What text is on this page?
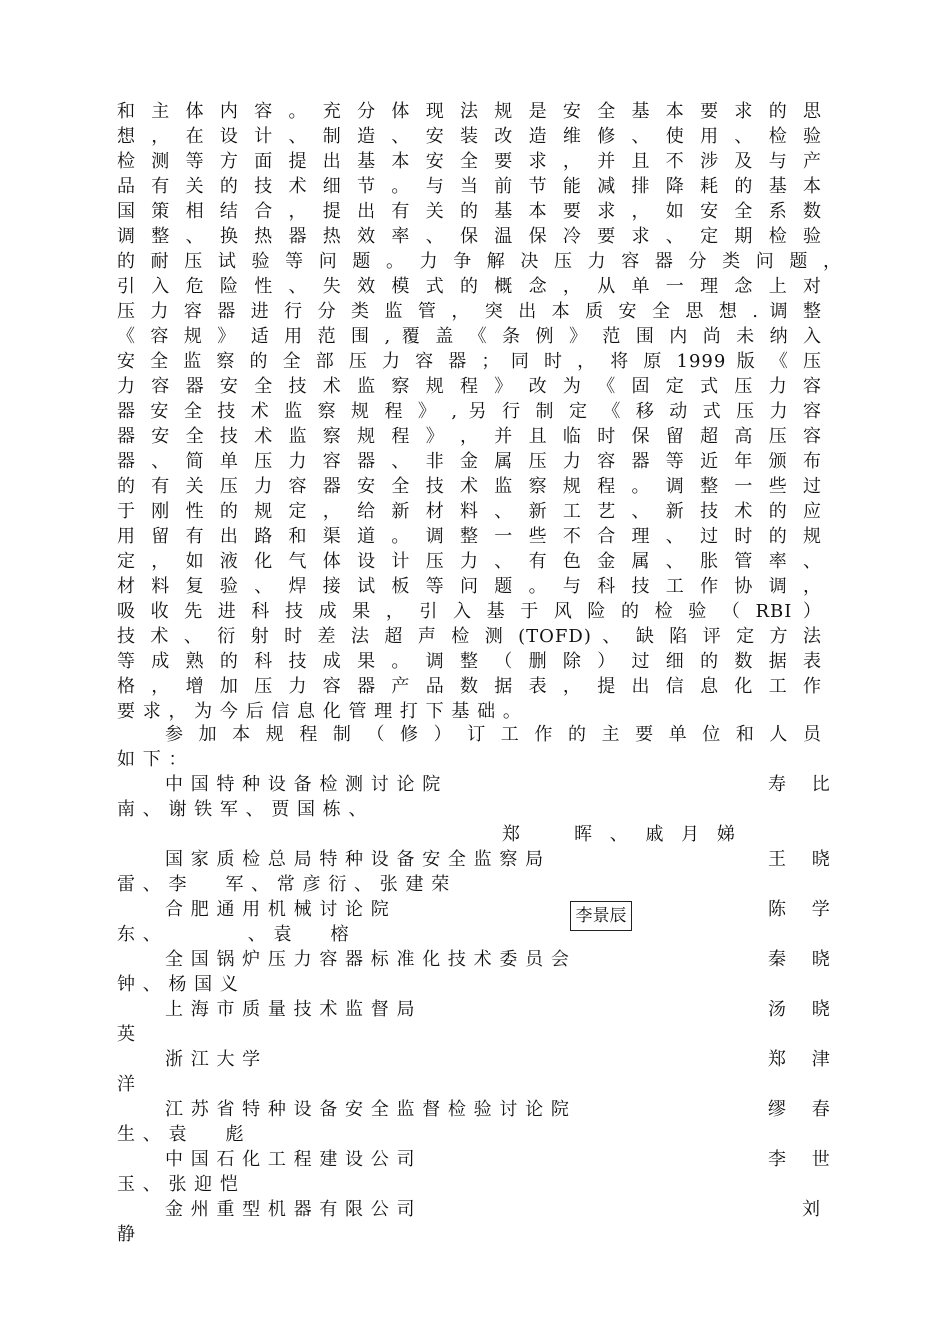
和 主 体 内 容 。 充 分 体 现 法 规 是 安 全 基 本 要 求 的 思
想 ， 在 设 计 、 制 造 、 安 装 改 造 维 修 、 使 用 、 检 验
检 测 等 方 面 提 出 基 本 安 全 要 求 ， 并 且 不 涉 及 与 产
品 有 关 的 技 术 细 节 。 与 当 前 节 能 减 排 降 耗 的 基 本
国 策 相 结 合 ， 提 出 有 关 的 基 本 要 求 ， 如 安 全 系 数
调 整 、 换 热 器 热 效 率 、 保 温 保 冷 要 求 、 定 期 检 验
的 耐 压 试 验 等 问 题 。 力 争 解 决 压 力 容 器 分 类 问 题 ，
引 入 危 险 性 、 失 效 模 式 的 概 念 ， 从 单 一 理 念 上 对
压 力 容 器 进 行 分 类 监 管 ， 突 出 本 质 安 全 思 想 . 调 整
《 容 规 》 适 用 范 围 , 覆 盖 《 条 例 》 范 围 内 尚 未 纳 入
安 全 监 察 的 全 部 压 力 容 器 ； 同 时 ， 将 原 1999 版 《 压
力 容 器 安 全 技 术 监 察 规 程 》 改 为 《 固 定 式 压 力 容
器 安 全 技 术 监 察 规 程 》 , 另 行 制 定 《 移 动 式 压 力 容
器 安 全 技 术 监 察 规 程 》 ， 并 且 临 时 保 留 超 高 压 容
器 、 简 单 压 力 容 器 、 非 金 属 压 力 容 器 等 近 年 颁 布
的 有 关 压 力 容 器 安 全 技 术 监 察 规 程 。 调 整 一 些 过
于 刚 性 的 规 定 ， 给 新 材 料 、 新 工 艺 、 新 技 术 的 应
用 留 有 出 路 和 渠 道 。 调 整 一 些 不 合 理 、 过 时 的 规
定 ， 如 液 化 气 体 设 计 压 力 、 有 色 金 属 、 胀 管 率 、
材 料 复 验 、 焊 接 试 板 等 问 题 。 与 科 技 工 作 协 调 ，
吸 收 先 进 科 技 成 果 ， 引 入 基 于 风 险 的 检 验 （ RBI ）
技 术 、 衍 射 时 差 法 超 声 检 测 (TOFD) 、 缺 陷 评 定 方 法
等 成 熟 的 科 技 成 果 。 调 整 （ 删 除 ） 过 细 的 数 据 表
格 ， 增 加 压 力 容 器 产 品 数 据 表 ， 提 出 信 息 化 工 作
要 求 ， 为 今 后 信 息 化 管 理 打 下 基 础 。
参 加 本 规 程 制 （ 修 ） 订 工 作 的 主 要 单 位 和 人 员
如 下 ：
中 国 特 种 设 备 检 测 讨 论 院	寿 比
南 、 谢 铁 军 、 贾 国 栋 、
郑　　晖 、 戚 月 娣
国 家 质 检 总 局 特 种 设 备 安 全 监 察 局	王 晓
雷 、 李　　军 、 常 彦 衍 、 张 建 荣
合 肥 通 用 机 械 讨 论 院	陈 学
东 、　　　　　、 袁　　榕
李景辰
全 国 锅 炉 压 力 容 器 标 准 化 技 术 委 员 会	秦 晓
钟 、 杨 国 义
上 海 市 质 量 技 术 监 督 局	汤 晓
英
浙 江 大 学	郑 津
洋
江 苏 省 特 种 设 备 安 全 监 督 检 验 讨 论 院	缪 春
生 、 袁　　彪
中 国 石 化 工 程 建 设 公 司	李 世
玉 、 张 迎 恺
金 州 重 型 机 器 有 限 公 司	刘
静
